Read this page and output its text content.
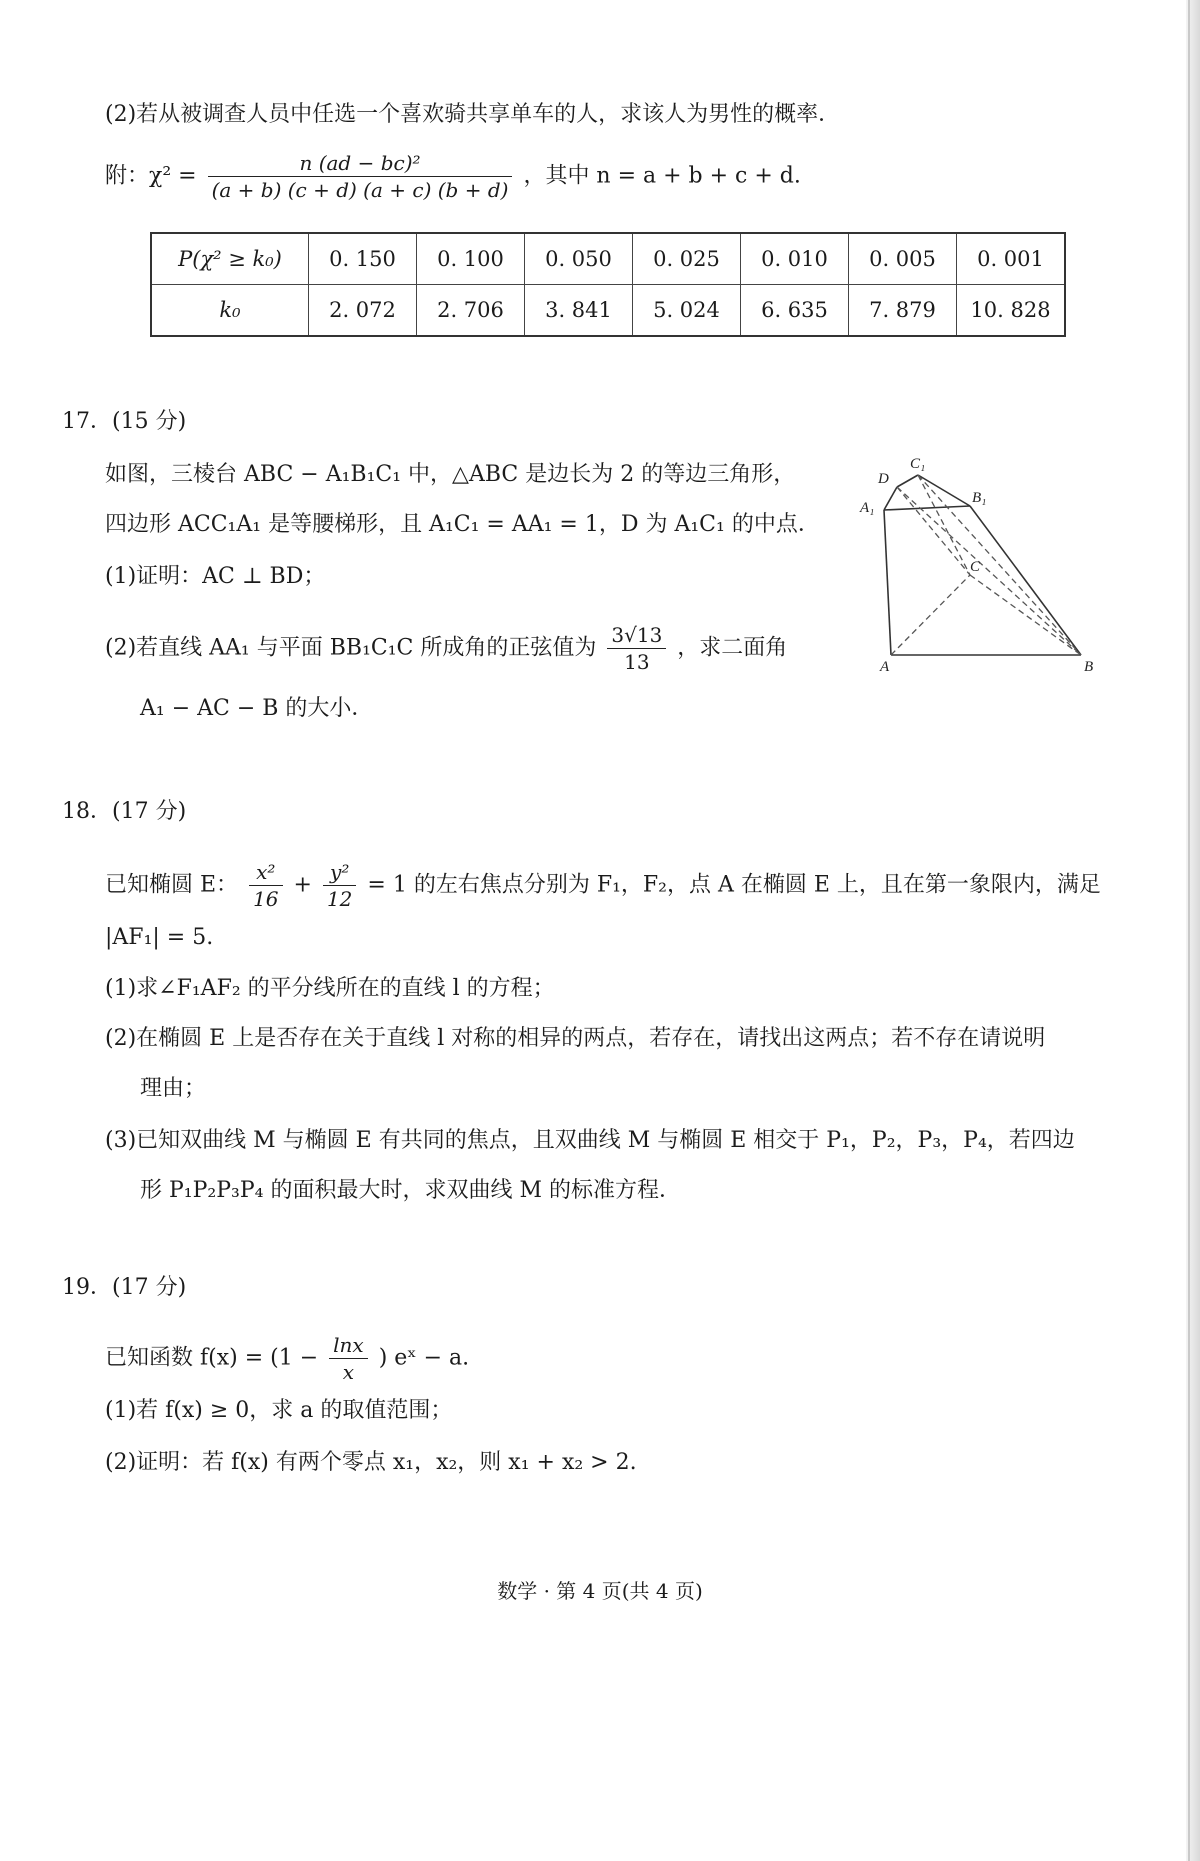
(2)若从被调查人员中任选一个喜欢骑共享单车的人，求该人为男性的概率．
附：$\chi^2 = \frac{\text{n (ad − bc)²}}{(a + b) (c + d) (a + c) (b + d)}$ ，其中 n = a + b + c + d.
P(χ² ≥ k₀)	0. 150	0. 100	0. 050	0. 025	0. 010	0. 005	0. 001
k₀	2. 072	2. 706	3. 841	5. 024	6. 635	7. 879	10. 828
17．(15 分)
如图，三棱台 ABC − A₁B₁C₁ 中，△ABC 是边长为 2 的等边三角形，
四边形 ACC₁A₁ 是等腰梯形，且 A₁C₁ = AA₁ = 1，D 为 A₁C₁ 的中点．
(1)证明：AC ⊥ BD；
(2)若直线 AA₁ 与平面 BB₁C₁C 所成角的正弦值为 $\frac{3√13}{13}$ ，求二面角
A₁ − AC − B 的大小．
C₁
D
B₁
A₁
C
A	B
18．(17 分)
已知椭圆 E： $\frac{\text{x²}}{16} + \frac{\text{y²}}{12} = 1$ 的左右焦点分别为 F₁，F₂，点 A 在椭圆 E 上，且在第一象限内，满足
|AF₁| = 5.
(1)求∠F₁AF₂ 的平分线所在的直线 l 的方程；
(2)在椭圆 E 上是否存在关于直线 l 对称的相异的两点，若存在，请找出这两点；若不存在请说明
理由；
(3)已知双曲线 M 与椭圆 E 有共同的焦点，且双曲线 M 与椭圆 E 相交于 P₁，P₂，P₃，P₄，若四边
形 P₁P₂P₃P₄ 的面积最大时，求双曲线 M 的标准方程．
19．(17 分)
已知函数 $f(x) = (1 - \frac{\ln x}{x}$ ) eˣ − a.
(1)若 f(x) ≥ 0，求 a 的取值范围；
(2)证明：若 f(x) 有两个零点 x₁，x₂，则 x₁ + x₂ > 2.
数学 · 第 4 页(共 4 页)
